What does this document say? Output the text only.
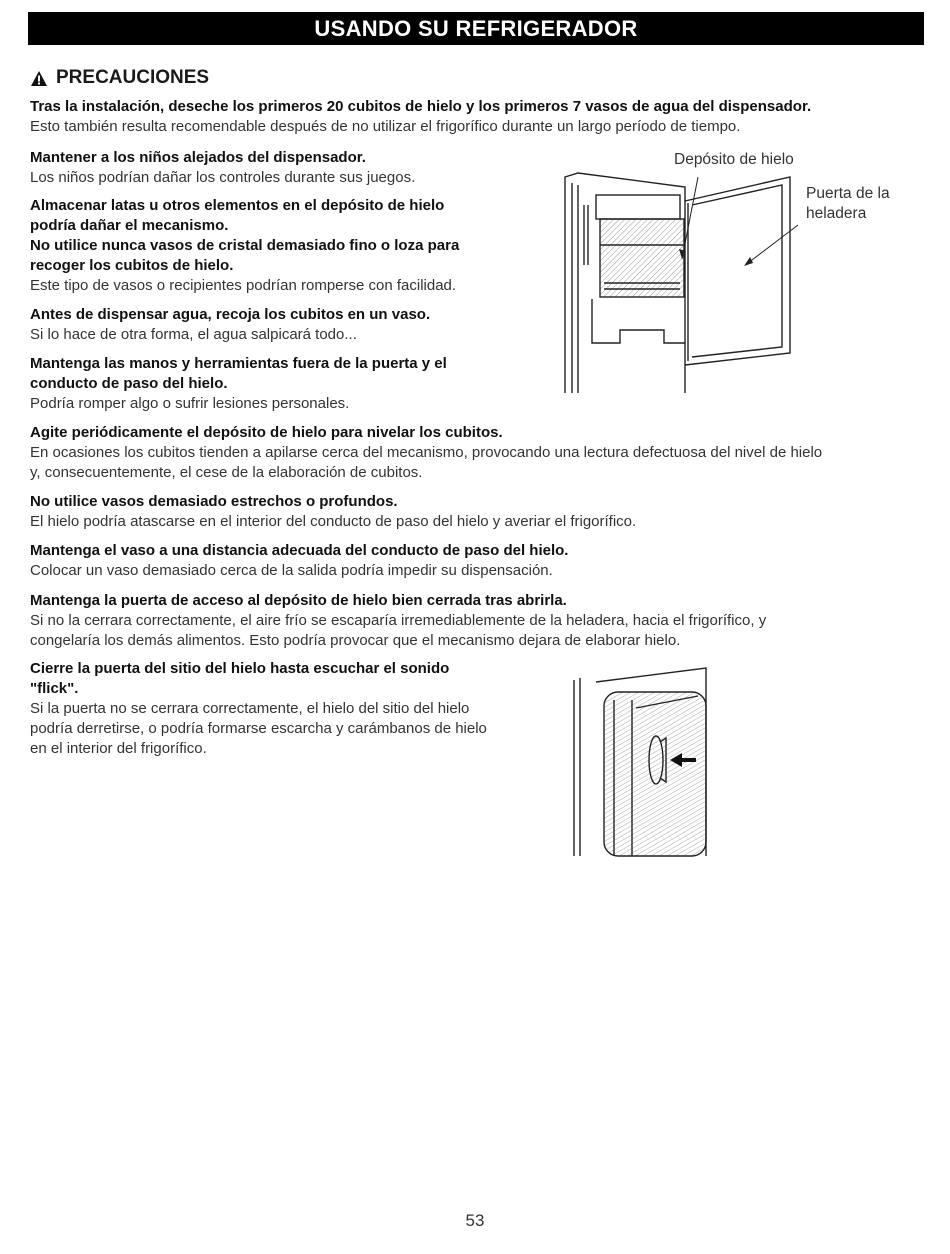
USANDO SU REFRIGERADOR
PRECAUCIONES
Tras la instalación, deseche los primeros 20 cubitos de hielo y los primeros 7 vasos de agua del dispensador.
Esto también resulta recomendable después de no utilizar el frigorífico durante un largo período de tiempo.
Mantener a los niños alejados del dispensador.
Los niños podrían dañar los controles durante sus juegos.
Almacenar latas u otros elementos en el depósito de hielo
podría dañar el mecanismo.
No utilice nunca vasos de cristal demasiado fino o loza para
recoger los cubitos de hielo.
Este tipo de vasos o recipientes podrían romperse con facilidad.
Antes de dispensar agua, recoja los cubitos en un vaso.
Si lo hace de otra forma, el agua salpicará todo...
Mantenga las manos y herramientas fuera de la puerta y el
conducto de paso del hielo.
Podría romper algo o sufrir lesiones personales.
Agite periódicamente el depósito de hielo para nivelar los cubitos.
En ocasiones los cubitos tienden a apilarse cerca del mecanismo, provocando una lectura defectuosa del nivel de hielo
y, consecuentemente, el cese de la elaboración de cubitos.
No utilice vasos demasiado estrechos o profundos.
El hielo podría atascarse en el interior del conducto de paso del hielo y averiar el frigorífico.
Mantenga el vaso a una distancia adecuada del conducto de paso del hielo.
Colocar un vaso demasiado cerca de la salida podría impedir su dispensación.
Mantenga la puerta de acceso al depósito de hielo bien cerrada tras abrirla.
Si no la cerrara correctamente, el aire frío se escaparía irremediablemente de la heladera, hacia el frigorífico, y
congelaría los demás alimentos. Esto podría provocar que el mecanismo dejara de elaborar hielo.
Cierre la puerta del sitio del hielo hasta escuchar el sonido
"flick".
Si la puerta no se cerrara correctamente, el hielo del sitio del hielo
podría derretirse, o podría formarse escarcha y carámbanos de hielo
en el interior del frigorífico.
Depósito de hielo
Puerta de la
heladera
53
